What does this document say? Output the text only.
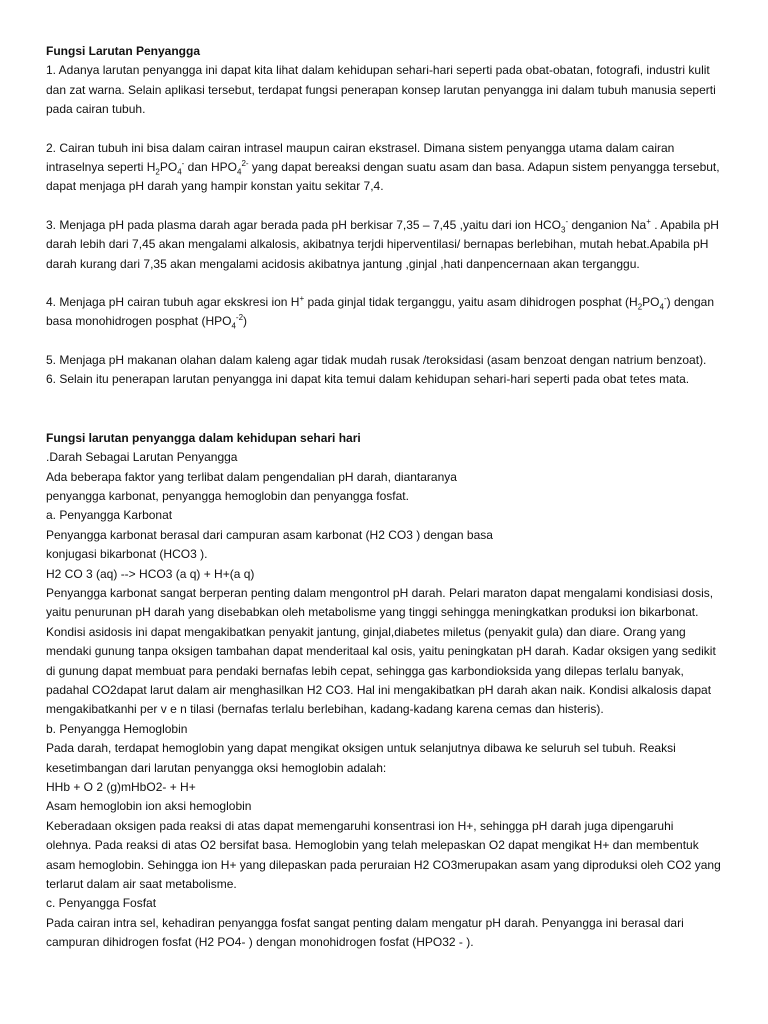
Fungsi Larutan Penyangga

1. Adanya larutan penyangga ini dapat kita lihat dalam kehidupan sehari-hari seperti pada obat-obatan, fotografi, industri kulit dan zat warna. Selain aplikasi tersebut, terdapat fungsi penerapan konsep larutan penyangga ini dalam tubuh manusia seperti pada cairan tubuh.

2. Cairan tubuh ini bisa dalam cairan intrasel maupun cairan ekstrasel. Dimana sistem penyangga utama dalam cairan intraselnya seperti $H_2PO_4^-$ dan $HPO_4^{2-}$ yang dapat bereaksi dengan suatu asam dan basa. Adapun sistem penyangga tersebut, dapat menjaga pH darah yang hampir konstan yaitu sekitar 7,4.

3. Menjaga pH pada plasma darah agar berada pada pH berkisar 7,35 – 7,45 ,yaitu dari ion $HCO_3^-$ denganion Na+ . Apabila pH darah lebih dari 7,45 akan mengalami alkalosis, akibatnya terjdi hiperventilasi/ bernapas berlebihan, mutah hebat.Apabila pH darah kurang dari 7,35 akan mengalami acidosis akibatnya jantung ,ginjal ,hati danpencernaan akan terganggu.

4. Menjaga pH cairan tubuh agar ekskresi ion H+ pada ginjal tidak terganggu, yaitu asam dihidrogen posphat $(H_2PO_4^-)$ dengan basa monohidrogen posphat $(HPO_4^{-2})$

5. Menjaga pH makanan olahan dalam kaleng agar tidak mudah rusak /teroksidasi (asam benzoat dengan natrium benzoat).

6. Selain itu penerapan larutan penyangga ini dapat kita temui dalam kehidupan sehari-hari seperti pada obat tetes mata.

Fungsi larutan penyangga dalam kehidupan sehari hari

.Darah Sebagai Larutan Penyangga

Ada beberapa faktor yang terlibat dalam pengendalian pH darah, diantaranya

penyangga karbonat, penyangga hemoglobin dan penyangga fosfat.

a. Penyangga Karbonat

Penyangga karbonat berasal dari campuran asam karbonat (H2 CO3 ) dengan basa

konjugasi bikarbonat (HCO3 ).

H2 CO 3 (aq) --> HCO3 (a q) + H+(a q)

Penyangga karbonat sangat berperan penting dalam mengontrol pH darah. Pelari maraton dapat mengalami kondisiasi dosis, yaitu penurunan pH darah yang disebabkan oleh metabolisme yang tinggi sehingga meningkatkan produksi ion bikarbonat. Kondisi asidosis ini dapat mengakibatkan penyakit jantung, ginjal,diabetes miletus (penyakit gula) dan diare. Orang yang mendaki gunung tanpa oksigen tambahan dapat menderitaal kal osis, yaitu peningkatan pH darah. Kadar oksigen yang sedikit di gunung dapat membuat para pendaki bernafas lebih cepat, sehingga gas karbondioksida yang dilepas terlalu banyak, padahal CO2dapat larut dalam air menghasilkan H2 CO3. Hal ini mengakibatkan pH darah akan naik. Kondisi alkalosis dapat mengakibatkanhi per v e n tilasi (bernafas terlalu berlebihan, kadang-kadang karena cemas dan histeris).

b. Penyangga Hemoglobin

Pada darah, terdapat hemoglobin yang dapat mengikat oksigen untuk selanjutnya dibawa ke seluruh sel tubuh. Reaksi kesetimbangan dari larutan penyangga oksi hemoglobin adalah:

HHb + O 2 (g)m⁡HbO2- + H+

Asam hemoglobin ion aksi hemoglobin

Keberadaan oksigen pada reaksi di atas dapat memengaruhi konsentrasi ion H+, sehingga pH darah juga dipengaruhi olehnya. Pada reaksi di atas O2 bersifat basa. Hemoglobin yang telah melepaskan O2 dapat mengikat H+ dan membentuk asam hemoglobin. Sehingga ion H+ yang dilepaskan pada peruraian H2 CO3merupakan asam yang diproduksi oleh CO2 yang terlarut dalam air saat metabolisme.

c. Penyangga Fosfat

Pada cairan intra sel, kehadiran penyangga fosfat sangat penting dalam mengatur pH darah. Penyangga ini berasal dari campuran dihidrogen fosfat (H2 PO4- ) dengan monohidrogen fosfat (HPO32 - ).
